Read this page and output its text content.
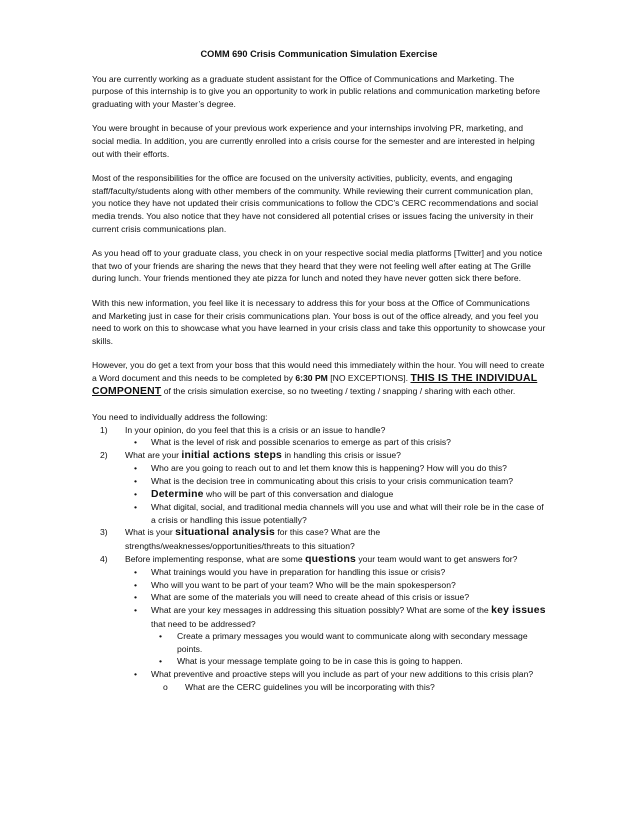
COMM 690 Crisis Communication Simulation Exercise

You are currently working as a graduate student assistant for the Office of Communications and Marketing. The purpose of this internship is to give you an opportunity to work in public relations and communication marketing before graduating with your Master’s degree.

You were brought in because of your previous work experience and your internships involving PR, marketing, and social media. In addition, you are currently enrolled into a crisis course for the semester and are interested in helping out with their efforts.

Most of the responsibilities for the office are focused on the university activities, publicity, events, and engaging staff/faculty/students along with other members of the community. While reviewing their current communication plan, you notice they have not updated their crisis communications to follow the CDC’s CERC recommendations and social media trends. You also notice that they have not considered all potential crises or issues facing the university in their current crisis communications plan.

As you head off to your graduate class, you check in on your respective social media platforms [Twitter] and you notice that two of your friends are sharing the news that they heard that they were not feeling well after eating at The Grille during lunch. Your friends mentioned they ate pizza for lunch and noted they have never gotten sick there before.

With this new information, you feel like it is necessary to address this for your boss at the Office of Communications and Marketing just in case for their crisis communications plan. Your boss is out of the office already, and you feel you need to work on this to showcase what you have learned in your crisis class and take this opportunity to showcase your skills.

However, you do get a text from your boss that this would need this immediately within the hour. You will need to create a Word document and this needs to be completed by 6:30 PM [NO EXCEPTIONS]. THIS IS THE INDIVIDUAL COMPONENT of the crisis simulation exercise, so no tweeting / texting / snapping / sharing with each other.

You need to individually address the following:
1) In your opinion, do you feel that this is a crisis or an issue to handle?
• What is the level of risk and possible scenarios to emerge as part of this crisis?
2) What are your initial actions steps in handling this crisis or issue?
• Who are you going to reach out to and let them know this is happening? How will you do this?
• What is the decision tree in communicating about this crisis to your crisis communication team?
• Determine who will be part of this conversation and dialogue
• What digital, social, and traditional media channels will you use and what will their role be in the case of a crisis or handling this issue potentially?
3) What is your situational analysis for this case? What are the strengths/weaknesses/opportunities/threats to this situation?
4) Before implementing response, what are some questions your team would want to get answers for?
• What trainings would you have in preparation for handling this issue or crisis?
• Who will you want to be part of your team? Who will be the main spokesperson?
• What are some of the materials you will need to create ahead of this crisis or issue?
• What are your key messages in addressing this situation possibly? What are some of the key issues that need to be addressed?
• Create a primary messages you would want to communicate along with secondary message points.
• What is your message template going to be in case this is going to happen.
• What preventive and proactive steps will you include as part of your new additions to this crisis plan?
o What are the CERC guidelines you will be incorporating with this?
